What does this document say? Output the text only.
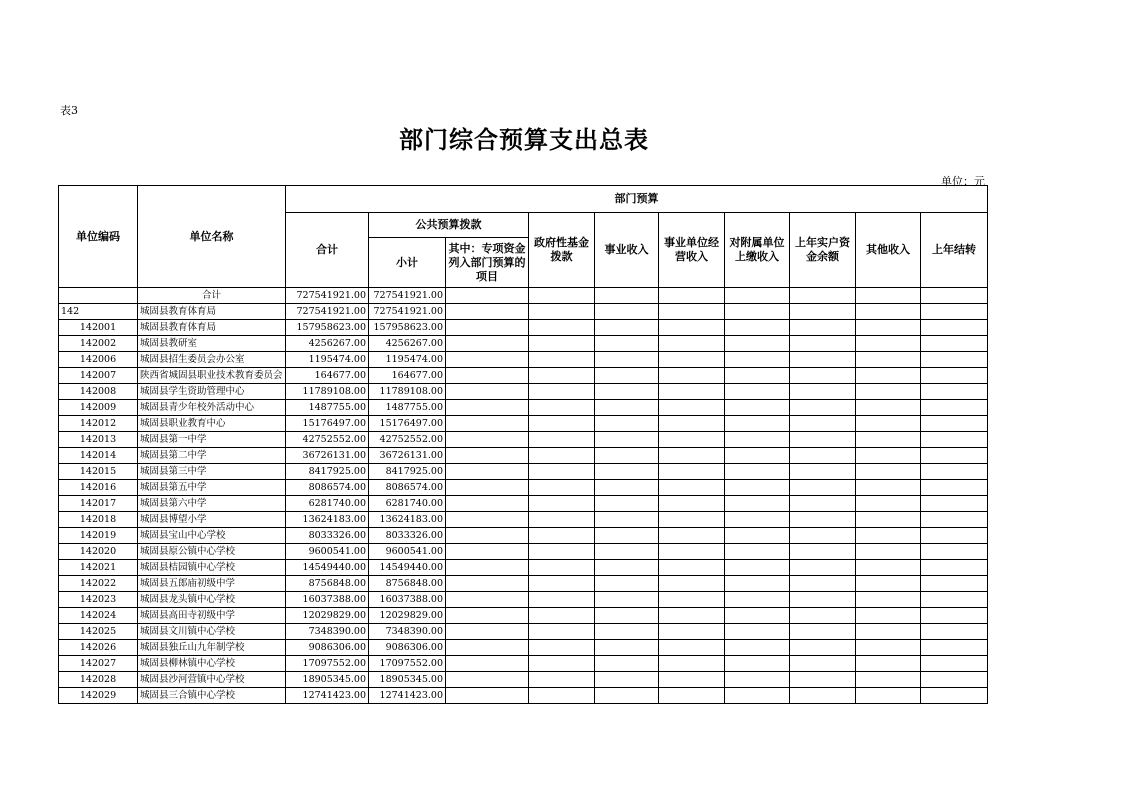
表3
部门综合预算支出总表
单位：元
单位编码	单位名称	部门预算									
		合计	公共预算拨款		政府性基金拨款	事业收入	事业单位经营收入	对附属单位上缴收入	上年实户资金余额	其他收入	上年结转
			小计	其中：专项资金列入部门预算的项目							
	合计	727541921.00	727541921.00								
142	城固县教育体育局	727541921.00	727541921.00								
142001	城固县教育体育局	157958623.00	157958623.00								
142002	城固县教研室	4256267.00	4256267.00								
142006	城固县招生委员会办公室	1195474.00	1195474.00								
142007	陕西省城固县职业技术教育委员会	164677.00	164677.00								
142008	城固县学生资助管理中心	11789108.00	11789108.00								
142009	城固县青少年校外活动中心	1487755.00	1487755.00								
142012	城固县职业教育中心	15176497.00	15176497.00								
142013	城固县第一中学	42752552.00	42752552.00								
142014	城固县第二中学	36726131.00	36726131.00								
142015	城固县第三中学	8417925.00	8417925.00								
142016	城固县第五中学	8086574.00	8086574.00								
142017	城固县第六中学	6281740.00	6281740.00								
142018	城固县博望小学	13624183.00	13624183.00								
142019	城固县宝山中心学校	8033326.00	8033326.00								
142020	城固县原公镇中心学校	9600541.00	9600541.00								
142021	城固县桔园镇中心学校	14549440.00	14549440.00								
142022	城固县五郎庙初级中学	8756848.00	8756848.00								
142023	城固县龙头镇中心学校	16037388.00	16037388.00								
142024	城固县高田寺初级中学	12029829.00	12029829.00								
142025	城固县文川镇中心学校	7348390.00	7348390.00								
142026	城固县独丘山九年制学校	9086306.00	9086306.00								
142027	城固县柳林镇中心学校	17097552.00	17097552.00								
142028	城固县沙河营镇中心学校	18905345.00	18905345.00								
142029	城固县三合镇中心学校	12741423.00	12741423.00								
